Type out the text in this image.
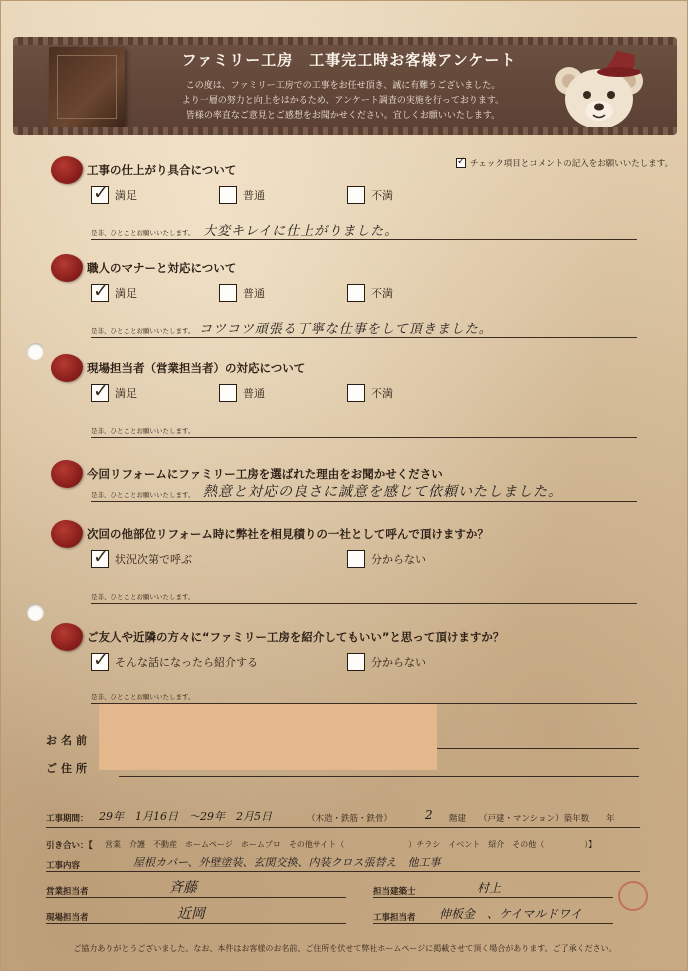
ファミリー工房　工事完工時お客様アンケート
この度は、ファミリー工房での工事をお任せ頂き、誠に有難うございました。
より一層の努力と向上をはかるため、アンケート調査の実施を行っております。
皆様の率直なご意見とご感想をお聞かせください。宜しくお願いいたします。
✓
チェック項目とコメントの記入をお願いいたします。
工事の仕上がり具合について
✓
満足	普通	不満
是非、ひとことお願いいたします。 大変キレイに仕上がりました。
職人のマナーと対応について
✓
満足	普通	不満
是非、ひとことお願いいたします。 コツコツ頑張る丁寧な仕事をして頂きました。
現場担当者（営業担当者）の対応について
✓
満足	普通	不満
是非、ひとことお願いいたします。
今回リフォームにファミリー工房を選ばれた理由をお聞かせください
是非、ひとことお願いいたします。 熱意と対応の良さに誠意を感じて依頼いたしました。
次回の他部位リフォーム時に弊社を相見積りの一社として呼んで頂けますか？
✓
状況次第で呼ぶ	分からない
是非、ひとことお願いいたします。
ご友人や近隣の方々に“ファミリー工房を紹介してもいい”と思って頂けますか？
✓
そんな話になったら紹介する	分からない
是非、ひとことお願いいたします。
お名前
ご住所
工事期間： 29年　1月16日　～29年　2月5日	（木造・鉄筋・鉄骨）	2 階建 （戸建・マンション）築年数　　年
引き合い：【 営業　介護　不動産　ホームページ　ホームプロ　その他サイト（　　　　　　　　）チラシ　イベント　紹介　その他（　　　　　）】
工事内容	屋根カバー、外壁塗装、玄関交換、内装クロス張替え　他工事
営業担当者	斉藤	担当建築士	村上
現場担当者	近岡	工事担当者 伸板金　、ケイマルドワイ
ご協力ありがとうございました。なお、本件はお客様のお名前、ご住所を伏せて弊社ホームページに掲載させて頂く場合があります。ご了承ください。
